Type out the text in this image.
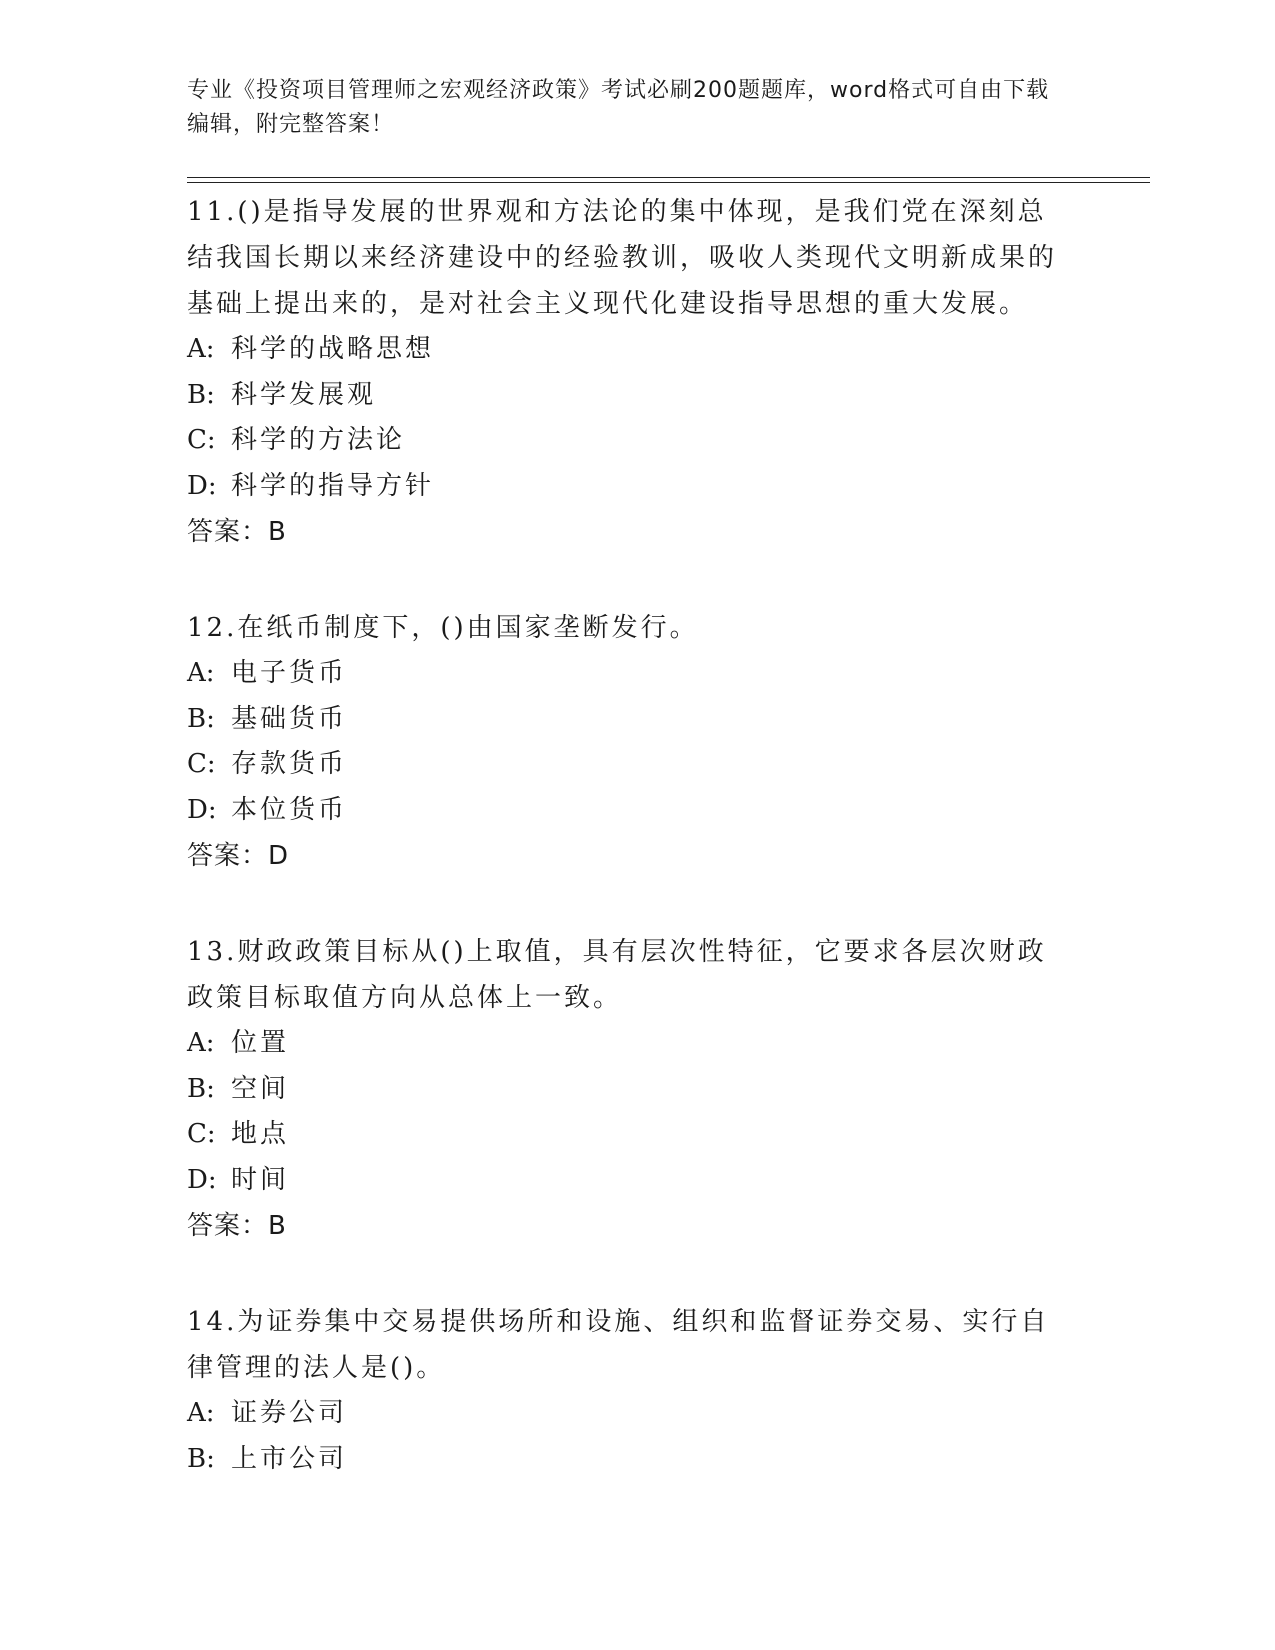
专业《投资项目管理师之宏观经济政策》考试必刷200题题库，word格式可自由下载编辑，附完整答案！

11.()是指导发展的世界观和方法论的集中体现，是我们党在深刻总结我国长期以来经济建设中的经验教训，吸收人类现代文明新成果的基础上提出来的，是对社会主义现代化建设指导思想的重大发展。

A: 科学的战略思想

B: 科学发展观

C: 科学的方法论

D: 科学的指导方针

答案：B

12.在纸币制度下，()由国家垄断发行。

A: 电子货币

B: 基础货币

C: 存款货币

D: 本位货币

答案：D

13.财政政策目标从()上取值，具有层次性特征，它要求各层次财政政策目标取值方向从总体上一致。

A: 位置

B: 空间

C: 地点

D: 时间

答案：B

14.为证券集中交易提供场所和设施、组织和监督证券交易、实行自律管理的法人是()。

A: 证券公司

B: 上市公司
